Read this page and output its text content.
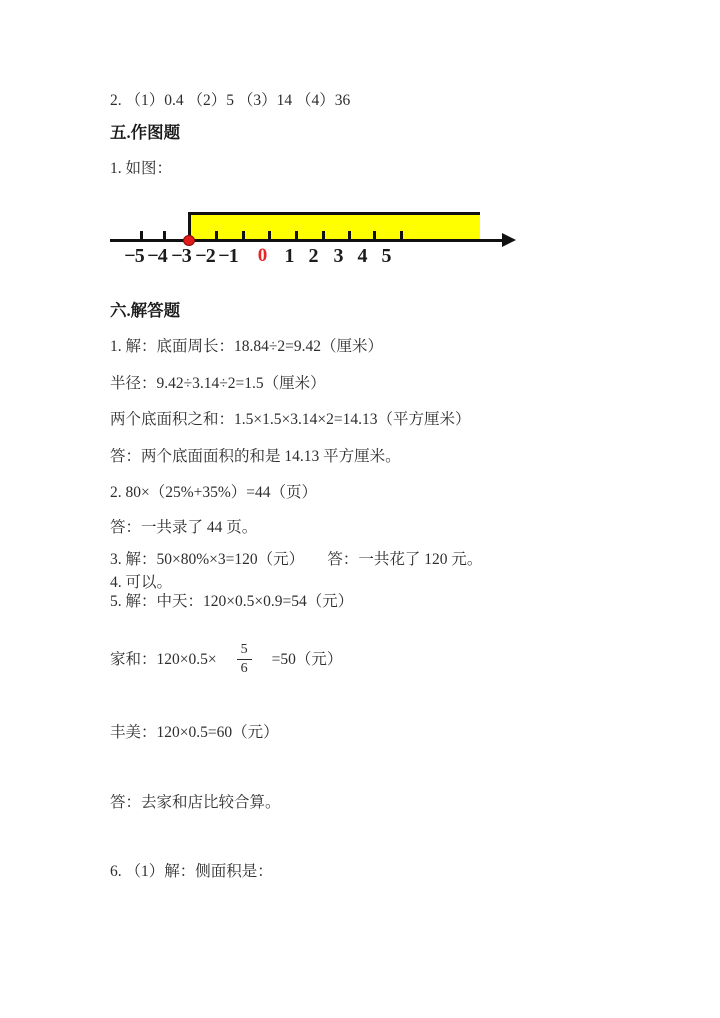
2. （1）0.4 （2）5 （3）14 （4）36
五.作图题
1. 如图：
−5 −4 −3 −2 −1 0 1 2 3 4 5
六.解答题
1. 解：底面周长：18.84÷2=9.42（厘米）
半径：9.42÷3.14÷2=1.5（厘米）
两个底面积之和：1.5×1.5×3.14×2=14.13（平方厘米）
答：两个底面面积的和是 14.13 平方厘米。
2. 80×（25%+35%）=44（页）
答：一共录了 44 页。
3. 解：50×80%×3=120（元）　　答：一共花了 120 元。
4. 可以。
5. 解：中天：120×0.5×0.9=54（元）
家和：$120\times 0.5\times \frac{5}{6} =50$（元）
丰美：120×0.5=60（元）
答：去家和店比较合算。
6. （1）解：侧面积是：
